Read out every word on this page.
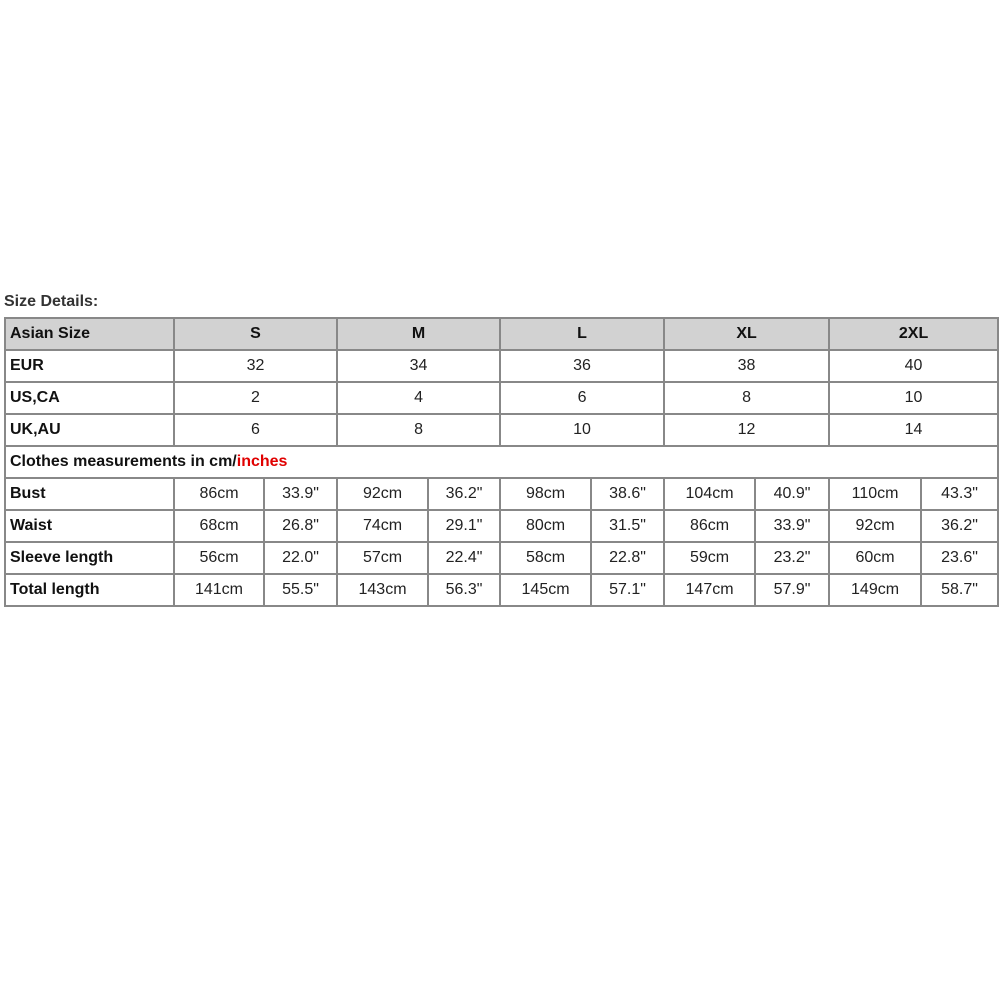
Size Details:
Asian Size	S		M		L		XL		2XL	
EUR	32		34		36		38		40	
US,CA	2		4		6		8		10	
UK,AU	6		8		10		12		14	
Clothes measurements in cm/inches										
Bust	86cm	33.9"	92cm	36.2"	98cm	38.6"	104cm	40.9"	110cm	43.3"
Waist	68cm	26.8"	74cm	29.1"	80cm	31.5"	86cm	33.9"	92cm	36.2"
Sleeve length	56cm	22.0"	57cm	22.4"	58cm	22.8"	59cm	23.2"	60cm	23.6"
Total length	141cm	55.5"	143cm	56.3"	145cm	57.1"	147cm	57.9"	149cm	58.7"
